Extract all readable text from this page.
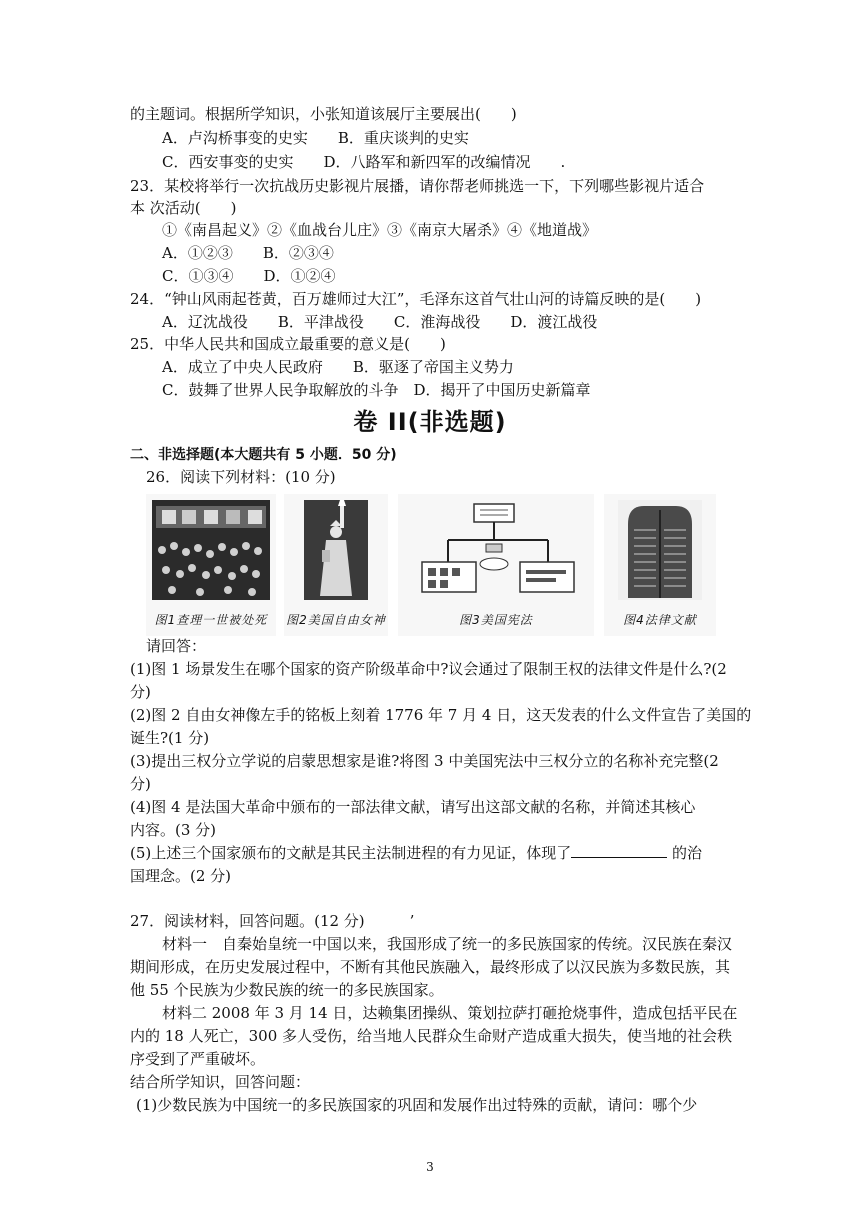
的主题词。根据所学知识，小张知道该展厅主要展出(　　)
A．卢沟桥事变的史实　　B．重庆谈判的史实
C．西安事变的史实　　D．八路军和新四军的改编情况　　.
23．某校将举行一次抗战历史影视片展播，请你帮老师挑选一下，下列哪些影视片适合
本 次活动(　　)
①《南昌起义》②《血战台儿庄》③《南京大屠杀》④《地道战》
A．①②③　　B．②③④
C．①③④　　D．①②④
24．“钟山风雨起苍黄，百万雄师过大江”，毛泽东这首气壮山河的诗篇反映的是(　　)
A．辽沈战役　　B．平津战役　　C．淮海战役　　D．渡江战役
25．中华人民共和国成立最重要的意义是(　　)
A．成立了中央人民政府　　B．驱逐了帝国主义势力
C．鼓舞了世界人民争取解放的斗争　D．揭开了中国历史新篇章
卷 II(非选题)
二、非选择题(本大题共有 5 小题．50 分)
26．阅读下列材料：(10 分)
图1查理一世被处死	图2美国自由女神	图3美国宪法	图4法律文献
请回答：
(1)图 1 场景发生在哪个国家的资产阶级革命中?议会通过了限制王权的法律文件是什么?(2
分)
(2)图 2 自由女神像左手的铭板上刻着 1776 年 7 月 4 日，这天发表的什么文件宣告了美国的
诞生?(1 分)
(3)提出三权分立学说的启蒙思想家是谁?将图 3 中美国宪法中三权分立的名称补充完整(2
分)
(4)图 4 是法国大革命中颁布的一部法律文献，请写出这部文献的名称，并简述其核心
内容。(3 分)
(5)上述三个国家颁布的文献是其民主法制进程的有力见证，体现了	的治
国理念。(2 分)
27．阅读材料，回答问题。(12 分)　　　’
材料一　自秦始皇统一中国以来，我国形成了统一的多民族国家的传统。汉民族在秦汉
期间形成，在历史发展过程中，不断有其他民族融入，最终形成了以汉民族为多数民族，其
他 55 个民族为少数民族的统一的多民族国家。
材料二 2008 年 3 月 14 日，达赖集团操纵、策划拉萨打砸抢烧事件，造成包括平民在
内的 18 人死亡，300 多人受伤，给当地人民群众生命财产造成重大损失，使当地的社会秩
序受到了严重破坏。
结合所学知识，回答问题：
(1)少数民族为中国统一的多民族国家的巩固和发展作出过特殊的贡献，请问：哪个少
3
